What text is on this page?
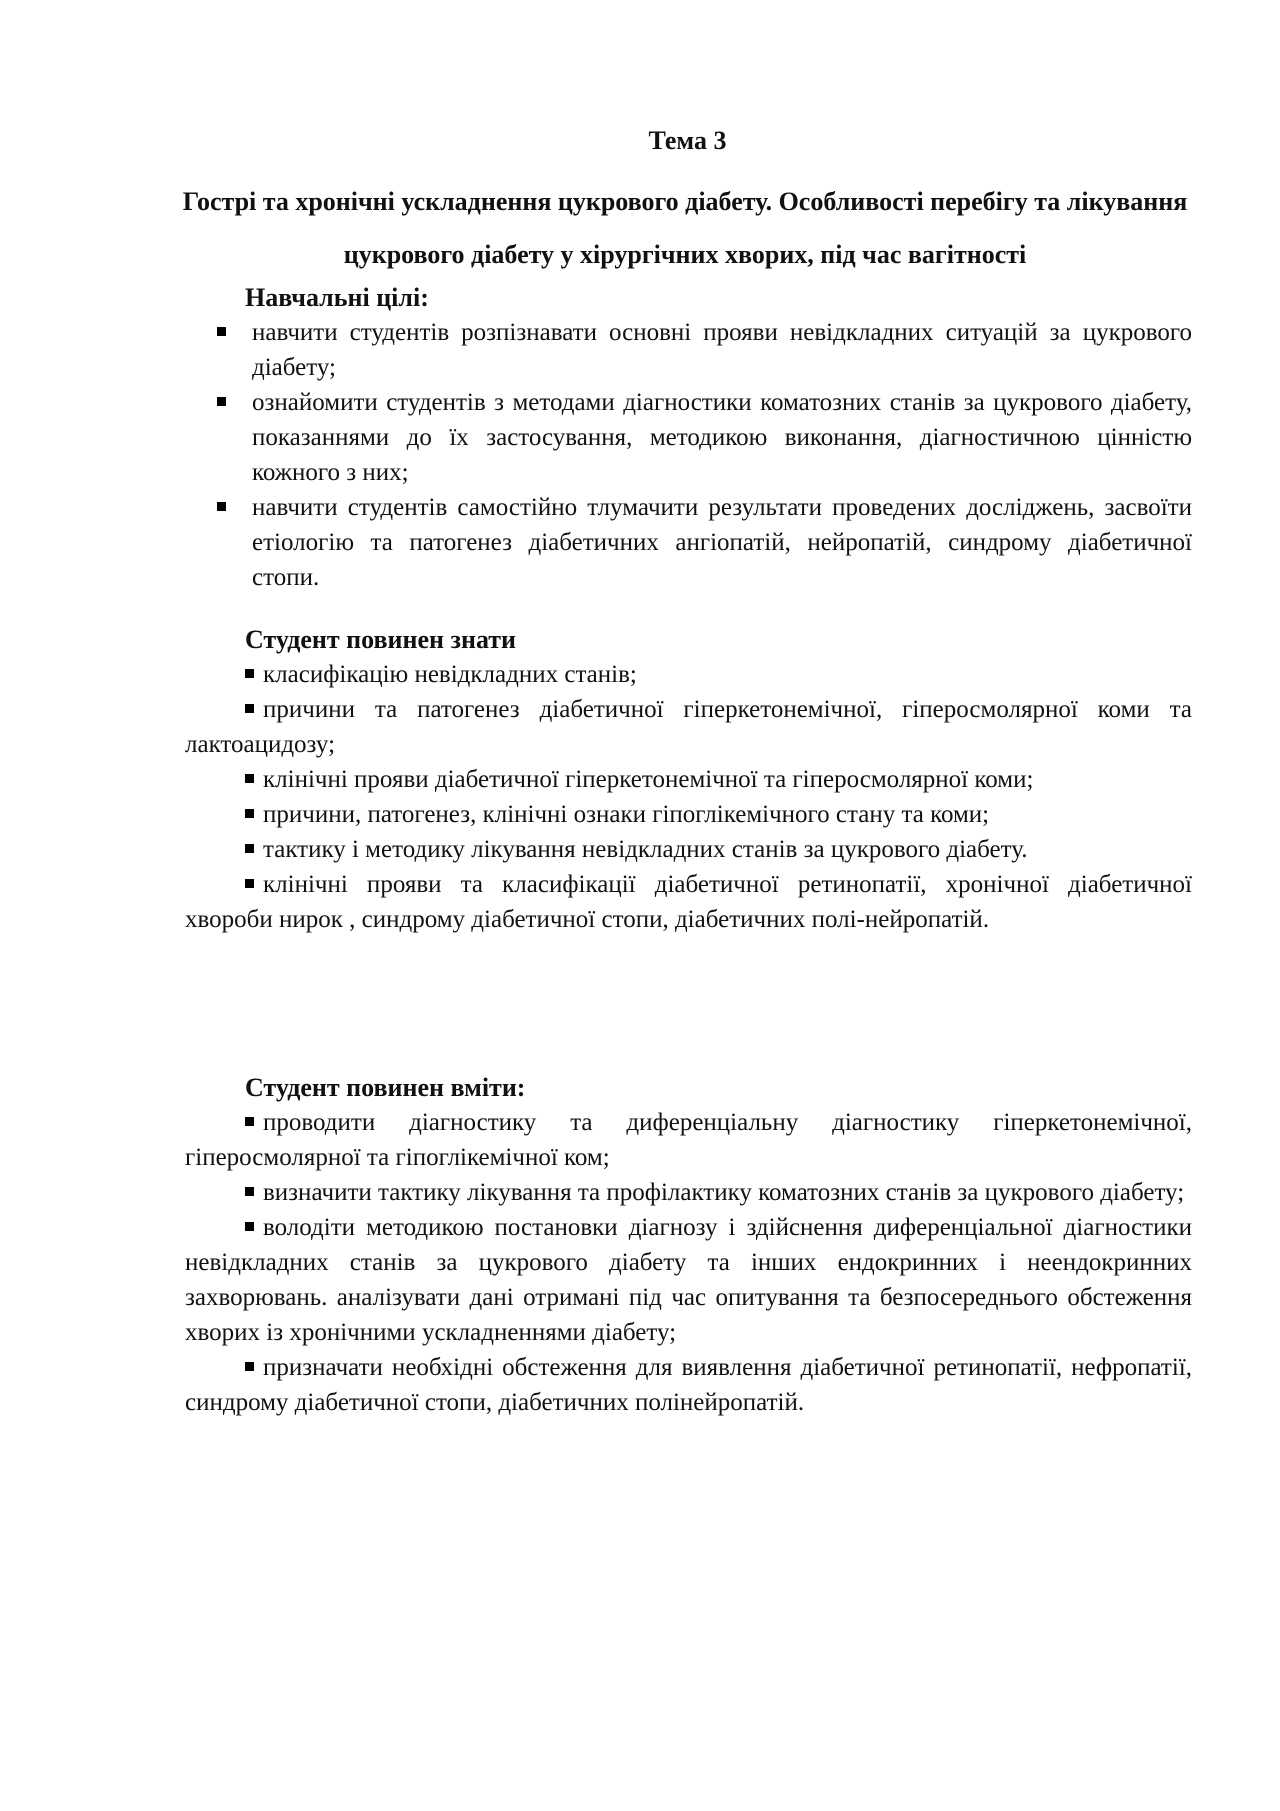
Тема 3

Гострі та хронічні ускладнення цукрового діабету. Особливості перебігу та лікування цукрового діабету у хірургічних хворих, під час вагітності

Навчальні цілі:

навчити студентів розпізнавати основні прояви невідкладних ситуацій за цукрового діабету;
ознайомити студентів з методами діагностики коматозних станів за цукрового діабету, показаннями до їх застосування, методикою виконання, діагностичною цінністю кожного з них;
навчити студентів самостійно тлумачити результати проведених досліджень, засвоїти етіологію та патогенез діабетичних ангіопатій, нейропатій, синдрому діабетичної стопи.

Студент повинен знати

класифікацію невідкладних станів;

причини та патогенез діабетичної гіперкетонемічної, гіперосмолярної коми та лактоацидозу;

клінічні прояви діабетичної гіперкетонемічної та гіперосмолярної коми;

причини, патогенез, клінічні ознаки гіпоглікемічного стану та коми;

тактику і методику лікування невідкладних станів за цукрового діабету.

клінічні прояви та класифікації діабетичної ретинопатії, хронічної діабетичної хвороби нирок , синдрому діабетичної стопи, діабетичних полі-нейропатій.

Студент повинен вміти:

проводити діагностику та диференціальну діагностику гіперкетонемічної, гіперосмолярної та гіпоглікемічної ком;

визначити тактику лікування та профілактику коматозних станів за цукрового діабету;

володіти методикою постановки діагнозу і здійснення диференціальної діагностики невідкладних станів за цукрового діабету та інших ендокринних і неендокринних захворювань. аналізувати дані отримані під час опитування та безпосереднього обстеження хворих із хронічними ускладненнями діабету;

призначати необхідні обстеження для виявлення діабетичної ретинопатії, нефропатії, синдрому діабетичної стопи, діабетичних полінейропатій.
